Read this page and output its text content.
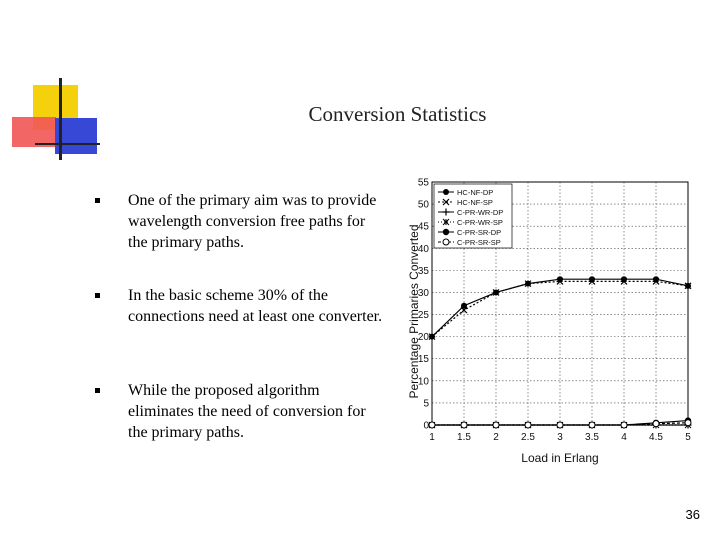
Conversion Statistics
One of the primary aim was to provide wavelength conversion free paths for the primary paths.
In the basic scheme 30% of the connections need at least one converter.
While the proposed algorithm eliminates the need of conversion for the primary paths.	1 1.5 2 2.5 3 3.5 4 4.5 5
0
5
10
15
20
25
30
35
40
45
50
55
Load in Erlang
Percentage Primaries Converted
HC-NF-DP
HC-NF-SP
C-PR-WR-DP
C-PR-WR-SP
C-PR-SR-DP
C-PR-SR-SP
36
